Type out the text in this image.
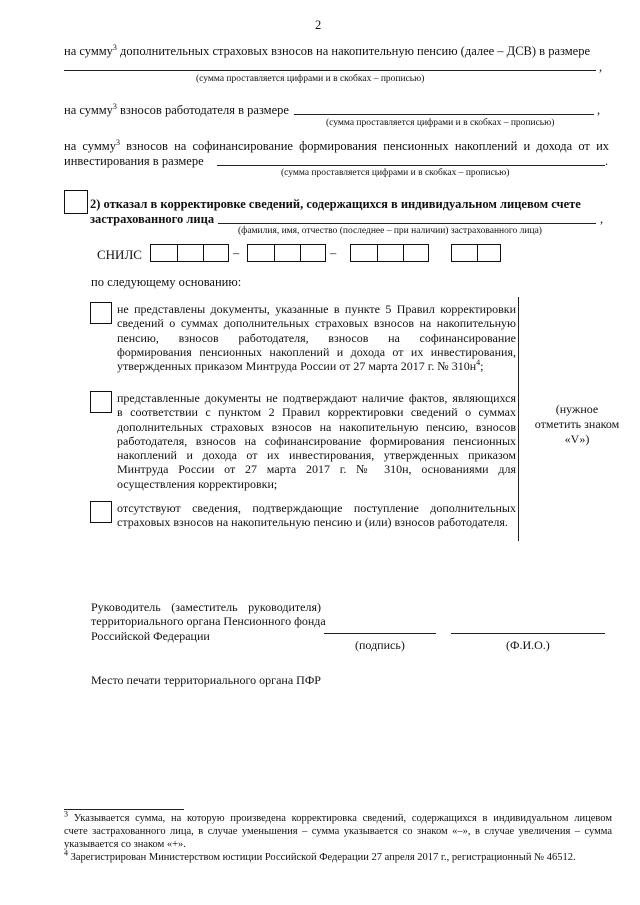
2
на сумму$^3$ дополнительных страховых взносов на накопительную пенсию (далее – ДСВ) в размере
,
(сумма проставляется цифрами и в скобках – прописью)
на сумму$^3$ взносов работодателя в размере	,
(сумма проставляется цифрами и в скобках – прописью)
на сумму$^3$ взносов на софинансирование формирования пенсионных накоплений и дохода от их
инвестирования в размере	.
(сумма проставляется цифрами и в скобках – прописью)
2) отказал в корректировке сведений, содержащихся в индивидуальном лицевом счете
застрахованного лица	,
(фамилия, имя, отчество (последнее – при наличии) застрахованного лица)
СНИЛС	–	–
по следующему основанию:
не представлены документы, указанные в пункте 5 Правил корректировки
сведений о суммах дополнительных страховых взносов на накопительную
пенсию, взносов работодателя, взносов на софинансирование
формирования пенсионных накоплений и дохода от их инвестирования,
утвержденных приказом Минтруда России от 27 марта 2017 г. № $310н^4$;
представленные документы не подтверждают наличие фактов, являющихся
в соответствии с пунктом 2 Правил корректировки сведений о суммах
дополнительных страховых взносов на накопительную пенсию, взносов
работодателя, взносов на софинансирование формирования пенсионных
накоплений и дохода от их инвестирования, утвержденных приказом
Минтруда России от 27 марта 2017 г. № 310н, основаниями для
осуществления корректировки;
(нужное
отметить знаком
«V»)
отсутствуют сведения, подтверждающие поступление дополнительных
страховых взносов на накопительную пенсию и (или) взносов работодателя.
Руководитель (заместитель руководителя)
территориального органа Пенсионного фонда
Российской Федерации
(подпись)	(Ф.И.О.)
Место печати территориального органа ПФР
$^3$ Указывается сумма, на которую произведена корректировка сведений, содержащихся в индивидуальном лицевом
счете застрахованного лица, в случае уменьшения – сумма указывается со знаком «–», в случае увеличения – сумма
указывается со знаком «+».
$^4$ Зарегистрирован Министерством юстиции Российской Федерации 27 апреля 2017 г., регистрационный № 46512.
